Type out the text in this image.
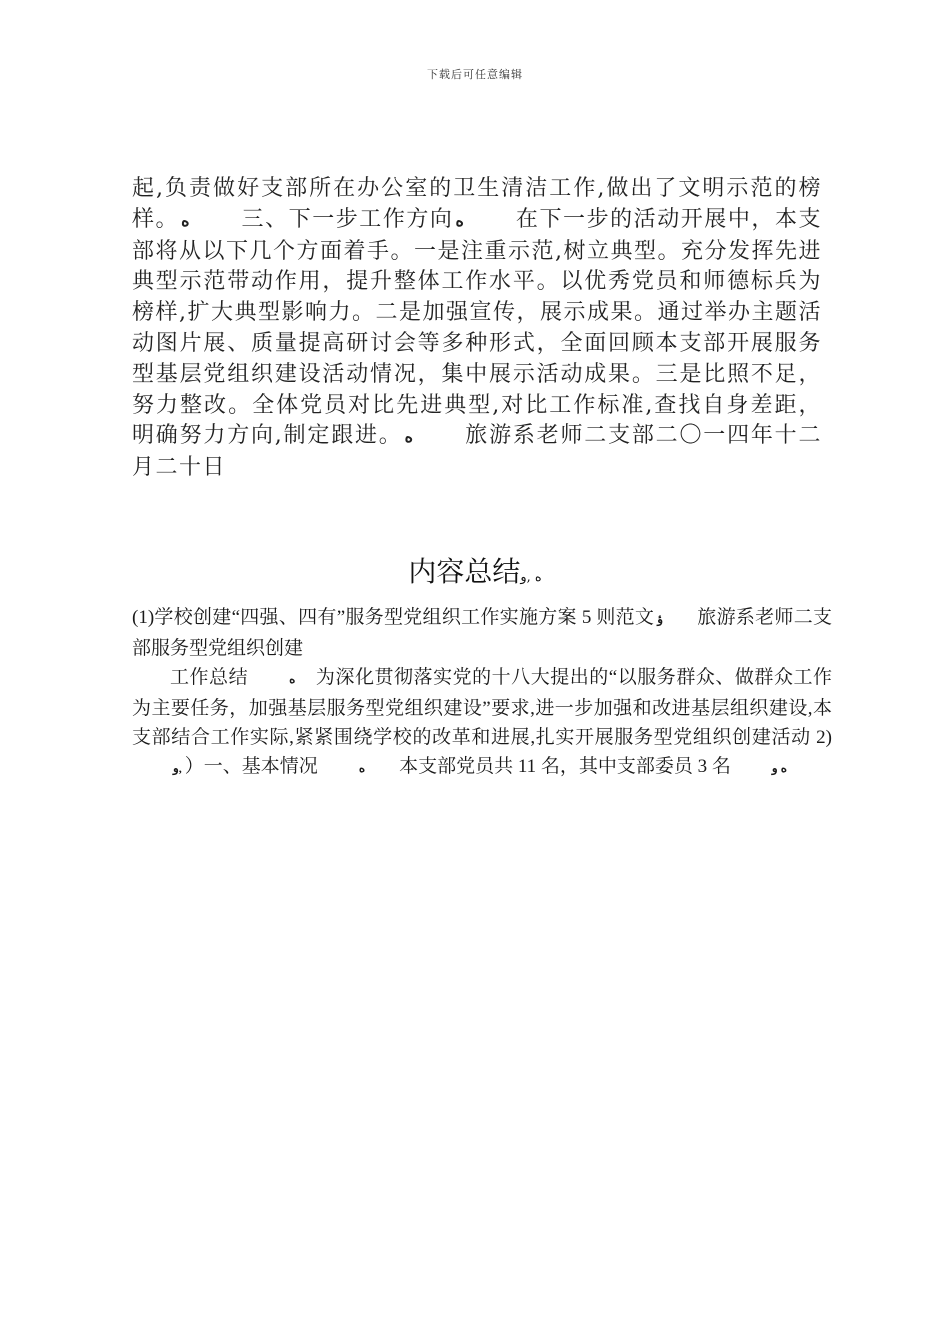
下载后可任意编辑

起,负责做好支部所在办公室的卫生清洁工作,做出了文明示范的榜样。 ه 三、下一步工作方向 ه 在下一步的活动开展中，本支部将从以下几个方面着手。一是注重示范,树立典型。充分发挥先进典型示范带动作用，提升整体工作水平。以优秀党员和师德标兵为榜样,扩大典型影响力。二是加强宣传，展示成果。通过举办主题活动图片展、质量提高研讨会等多种形式，全面回顾本支部开展服务型基层党组织建设活动情况，集中展示活动成果。三是比照不足，努力整改。全体党员对比先进典型,对比工作标准,查找自身差距，明确努力方向,制定跟进。 ه 旅游系老师二支部二〇一四年十二月二十日

内容总结ه ,و

(1)学校创建“四强、四有”服务型党组织工作实施方案 5 则范文 ؤ 旅游系老师二支部服务型党组织创建

工作总结	ه 为深化贯彻落实党的十八大提出的“以服务群众、做群众工作为主要任务，加强基层服务型党组织建设”要求,进一步加强和改进基层组织建设,本支部结合工作实际,紧紧围绕学校的改革和进展,扎实开展服务型党组织创建活动 2)و, ）一、基本情况	ه 本支部党员共 11 名，其中支部委员 3 名	ه و
